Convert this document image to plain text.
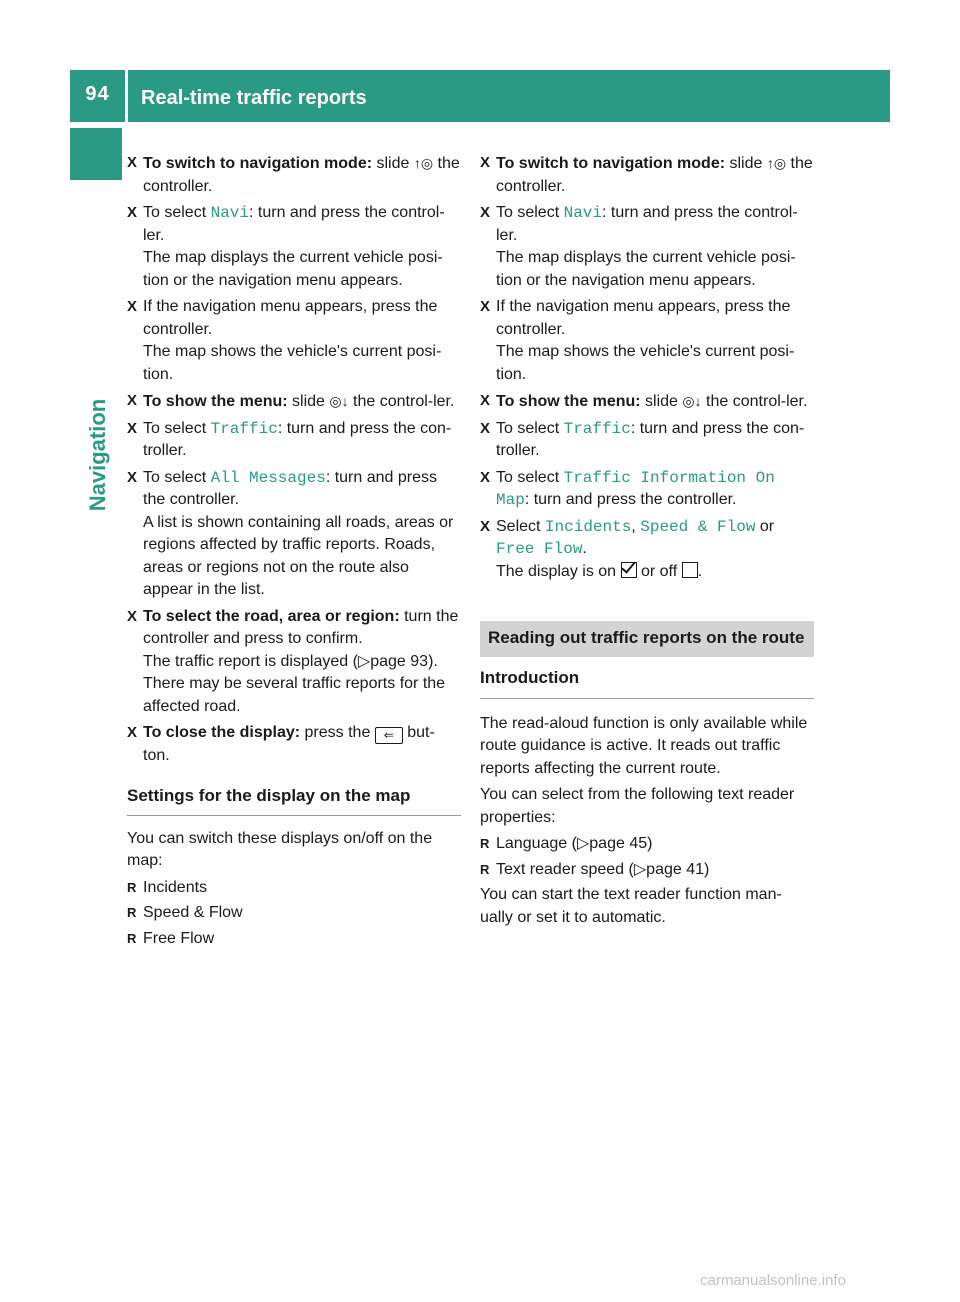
94	Real-time traffic reports
Navigation
X To switch to navigation mode: slide ↑◎ the controller.
X To select Navi: turn and press the control-ler.
The map displays the current vehicle posi-tion or the navigation menu appears.
X If the navigation menu appears, press the controller.
The map shows the vehicle's current posi-tion.
X To show the menu: slide ◎↓ the control-ler.
X To select Traffic: turn and press the con-troller.
X To select All Messages: turn and press the controller.
A list is shown containing all roads, areas or regions affected by traffic reports. Roads, areas or regions not on the route also appear in the list.
X To select the road, area or region: turn the controller and press to confirm.
The traffic report is displayed (▷page 93). There may be several traffic reports for the affected road.
X To close the display: press the ⇐ but-ton.
Settings for the display on the map
You can switch these displays on/off on the map:
R Incidents
R Speed & Flow
R Free Flow
X To switch to navigation mode: slide ↑◎ the controller.
X To select Navi: turn and press the control-ler.
The map displays the current vehicle posi-tion or the navigation menu appears.
X If the navigation menu appears, press the controller.
The map shows the vehicle's current posi-tion.
X To show the menu: slide ◎↓ the control-ler.
X To select Traffic: turn and press the con-troller.
X To select Traffic Information On Map: turn and press the controller.
X Select Incidents, Speed & Flow or Free Flow.
The display is on  or off .
Reading out traffic reports on the route
Introduction
The read-aloud function is only available while route guidance is active. It reads out traffic reports affecting the current route.
You can select from the following text reader properties:
R Language (▷page 45)
R Text reader speed (▷page 41)
You can start the text reader function man-ually or set it to automatic.
carmanualsonline.info
